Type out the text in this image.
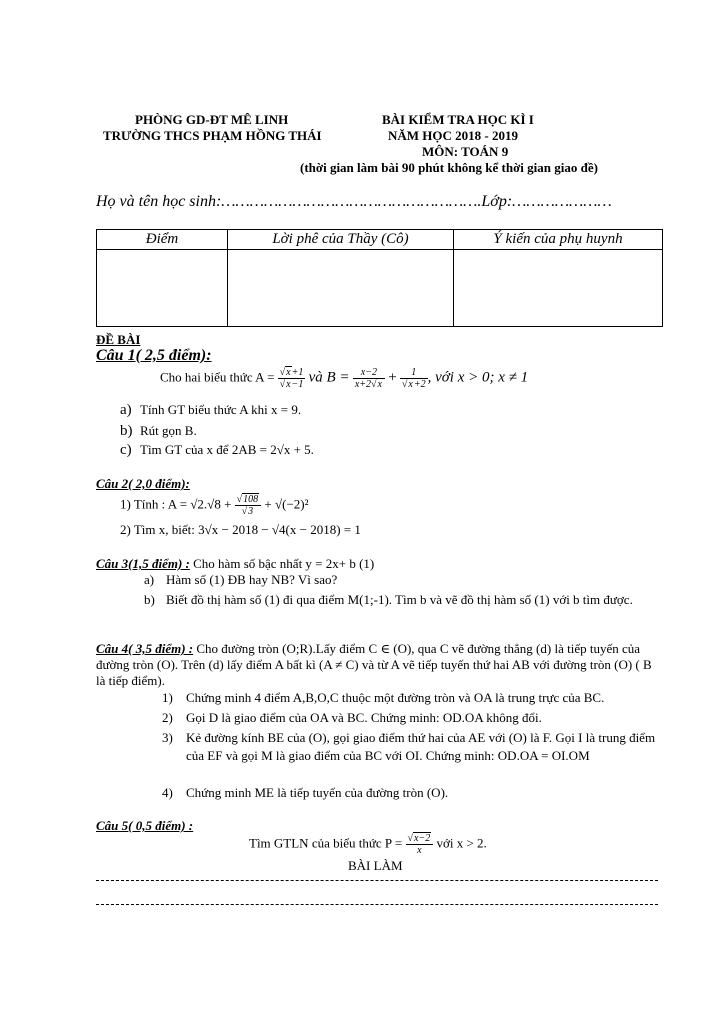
PHÒNG GD-ĐT MÊ LINH
TRƯỜNG THCS PHẠM HỒNG THÁI
BÀI KIỂM TRA HỌC KÌ I
NĂM HỌC 2018 - 2019
MÔN: TOÁN 9
(thời gian làm bài 90 phút không kể thời gian giao đề)
Họ và tên học sinh:……………………………………………….Lớp:…………………
Điểm	Lời phê của Thầy (Cô)	Ý kiến của phụ huynh

ĐỀ BÀI
Câu 1( 2,5 điểm):
Cho hai biểu thức $A = \frac{√x+1}{√x-1}$ và $B = \frac{x-2}{x+2√x} + \frac{1}{√x+2}$ , với x > 0; x ≠ 1
a) Tính GT biểu thức A khi x = 9.
b) Rút gọn B.
c) Tìm GT của x để 2AB = 2√x + 5.
Câu 2( 2,0 điểm):
1) Tính : $A = √2.√8 + \frac{√108}{√3} + √(-2)^2$
2) Tìm x, biết: 3√x − 2018 − √4(x − 2018) = 1
Câu 3(1,5 điểm) : Cho hàm số bậc nhất y = 2x+ b (1)
a) Hàm số (1) ĐB hay NB? Vì sao?
b) Biết đồ thị hàm số (1) đi qua điểm M(1;-1). Tìm b và vẽ đồ thị hàm số (1) với b tìm được.
Câu 4( 3,5 điểm) : Cho đường tròn (O;R).Lấy điểm C ∈ (O), qua C vẽ đường thẳng (d) là tiếp tuyến của đường tròn (O). Trên (d) lấy điểm A bất kì (A ≠ C) và từ A vẽ tiếp tuyến thứ hai AB với đường tròn (O) ( B là tiếp điểm).
1) Chứng minh 4 điểm A,B,O,C thuộc một đường tròn và OA là trung trực của BC.
2) Gọi D là giao điểm của OA và BC. Chứng minh: OD.OA không đổi.
3) Kẻ đường kính BE của (O), gọi giao điểm thứ hai của AE với (O) là F. Gọi I là trung điểm của EF và gọi M là giao điểm của BC với OI. Chứng minh: OD.OA = OI.OM
4) Chứng minh ME là tiếp tuyến của đường tròn (O).
Câu 5( 0,5 điểm) :
Tìm GTLN của biểu thức $P = \frac{√x-2}{x}$ với x > 2.
BÀI LÀM
